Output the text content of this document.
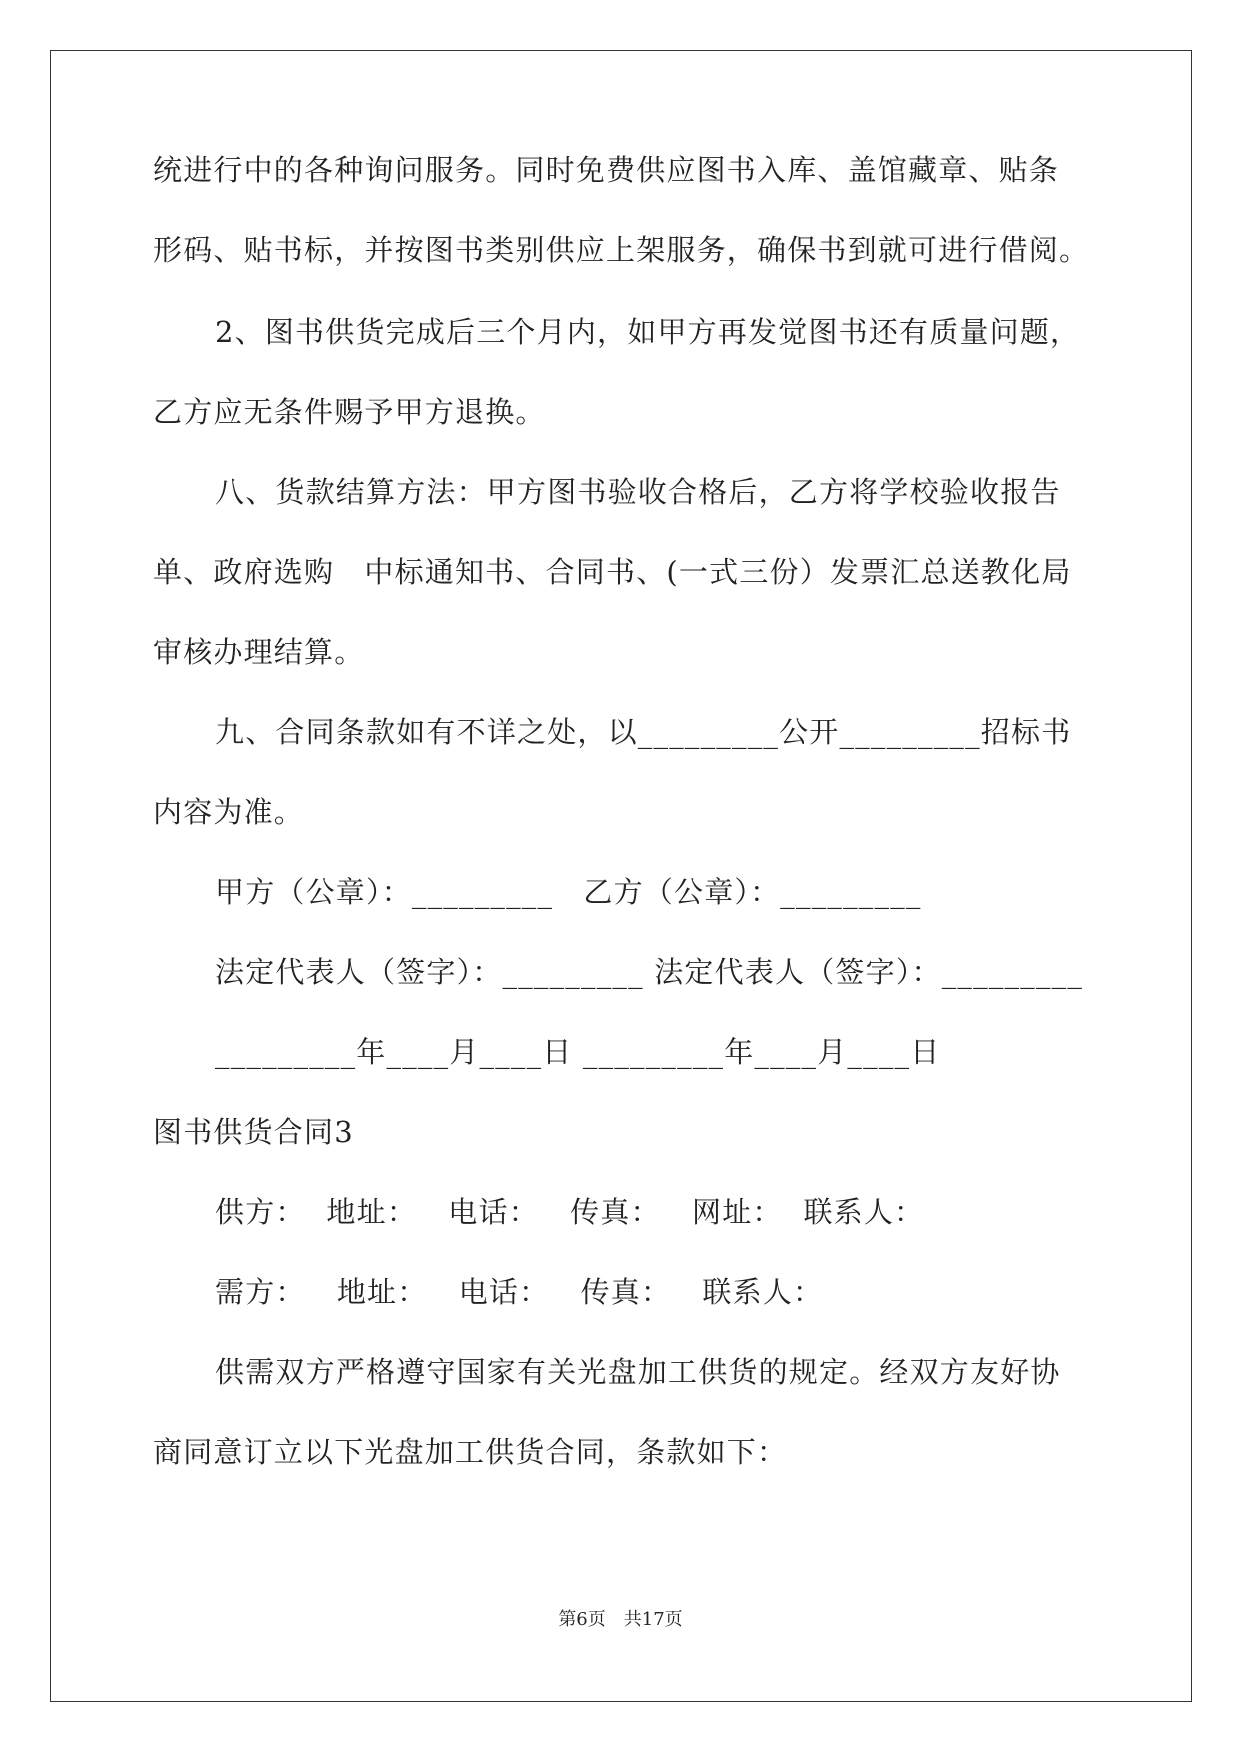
统进行中的各种询问服务。同时免费供应图书入库、盖馆藏章、贴条

形码、贴书标，并按图书类别供应上架服务，确保书到就可进行借阅。

2、图书供货完成后三个月内，如甲方再发觉图书还有质量问题，

乙方应无条件赐予甲方退换。

八、货款结算方法：甲方图书验收合格后，乙方将学校验收报告

单、政府选购　中标通知书、合同书、(一式三份）发票汇总送教化局

审核办理结算。

九、合同条款如有不详之处，以_________公开_________招标书

内容为准。

甲方（公章）：_________　乙方（公章）：_________

法定代表人（签字）：_________ 法定代表人（签字）：_________

_________年____月____日 _________年____月____日

图书供货合同3

供方：  地址：   电话：   传真：   网址：  联系人：

需方：   地址：   电话：   传真：   联系人：

供需双方严格遵守国家有关光盘加工供货的规定。经双方友好协

商同意订立以下光盘加工供货合同，条款如下：

第6页　共17页
